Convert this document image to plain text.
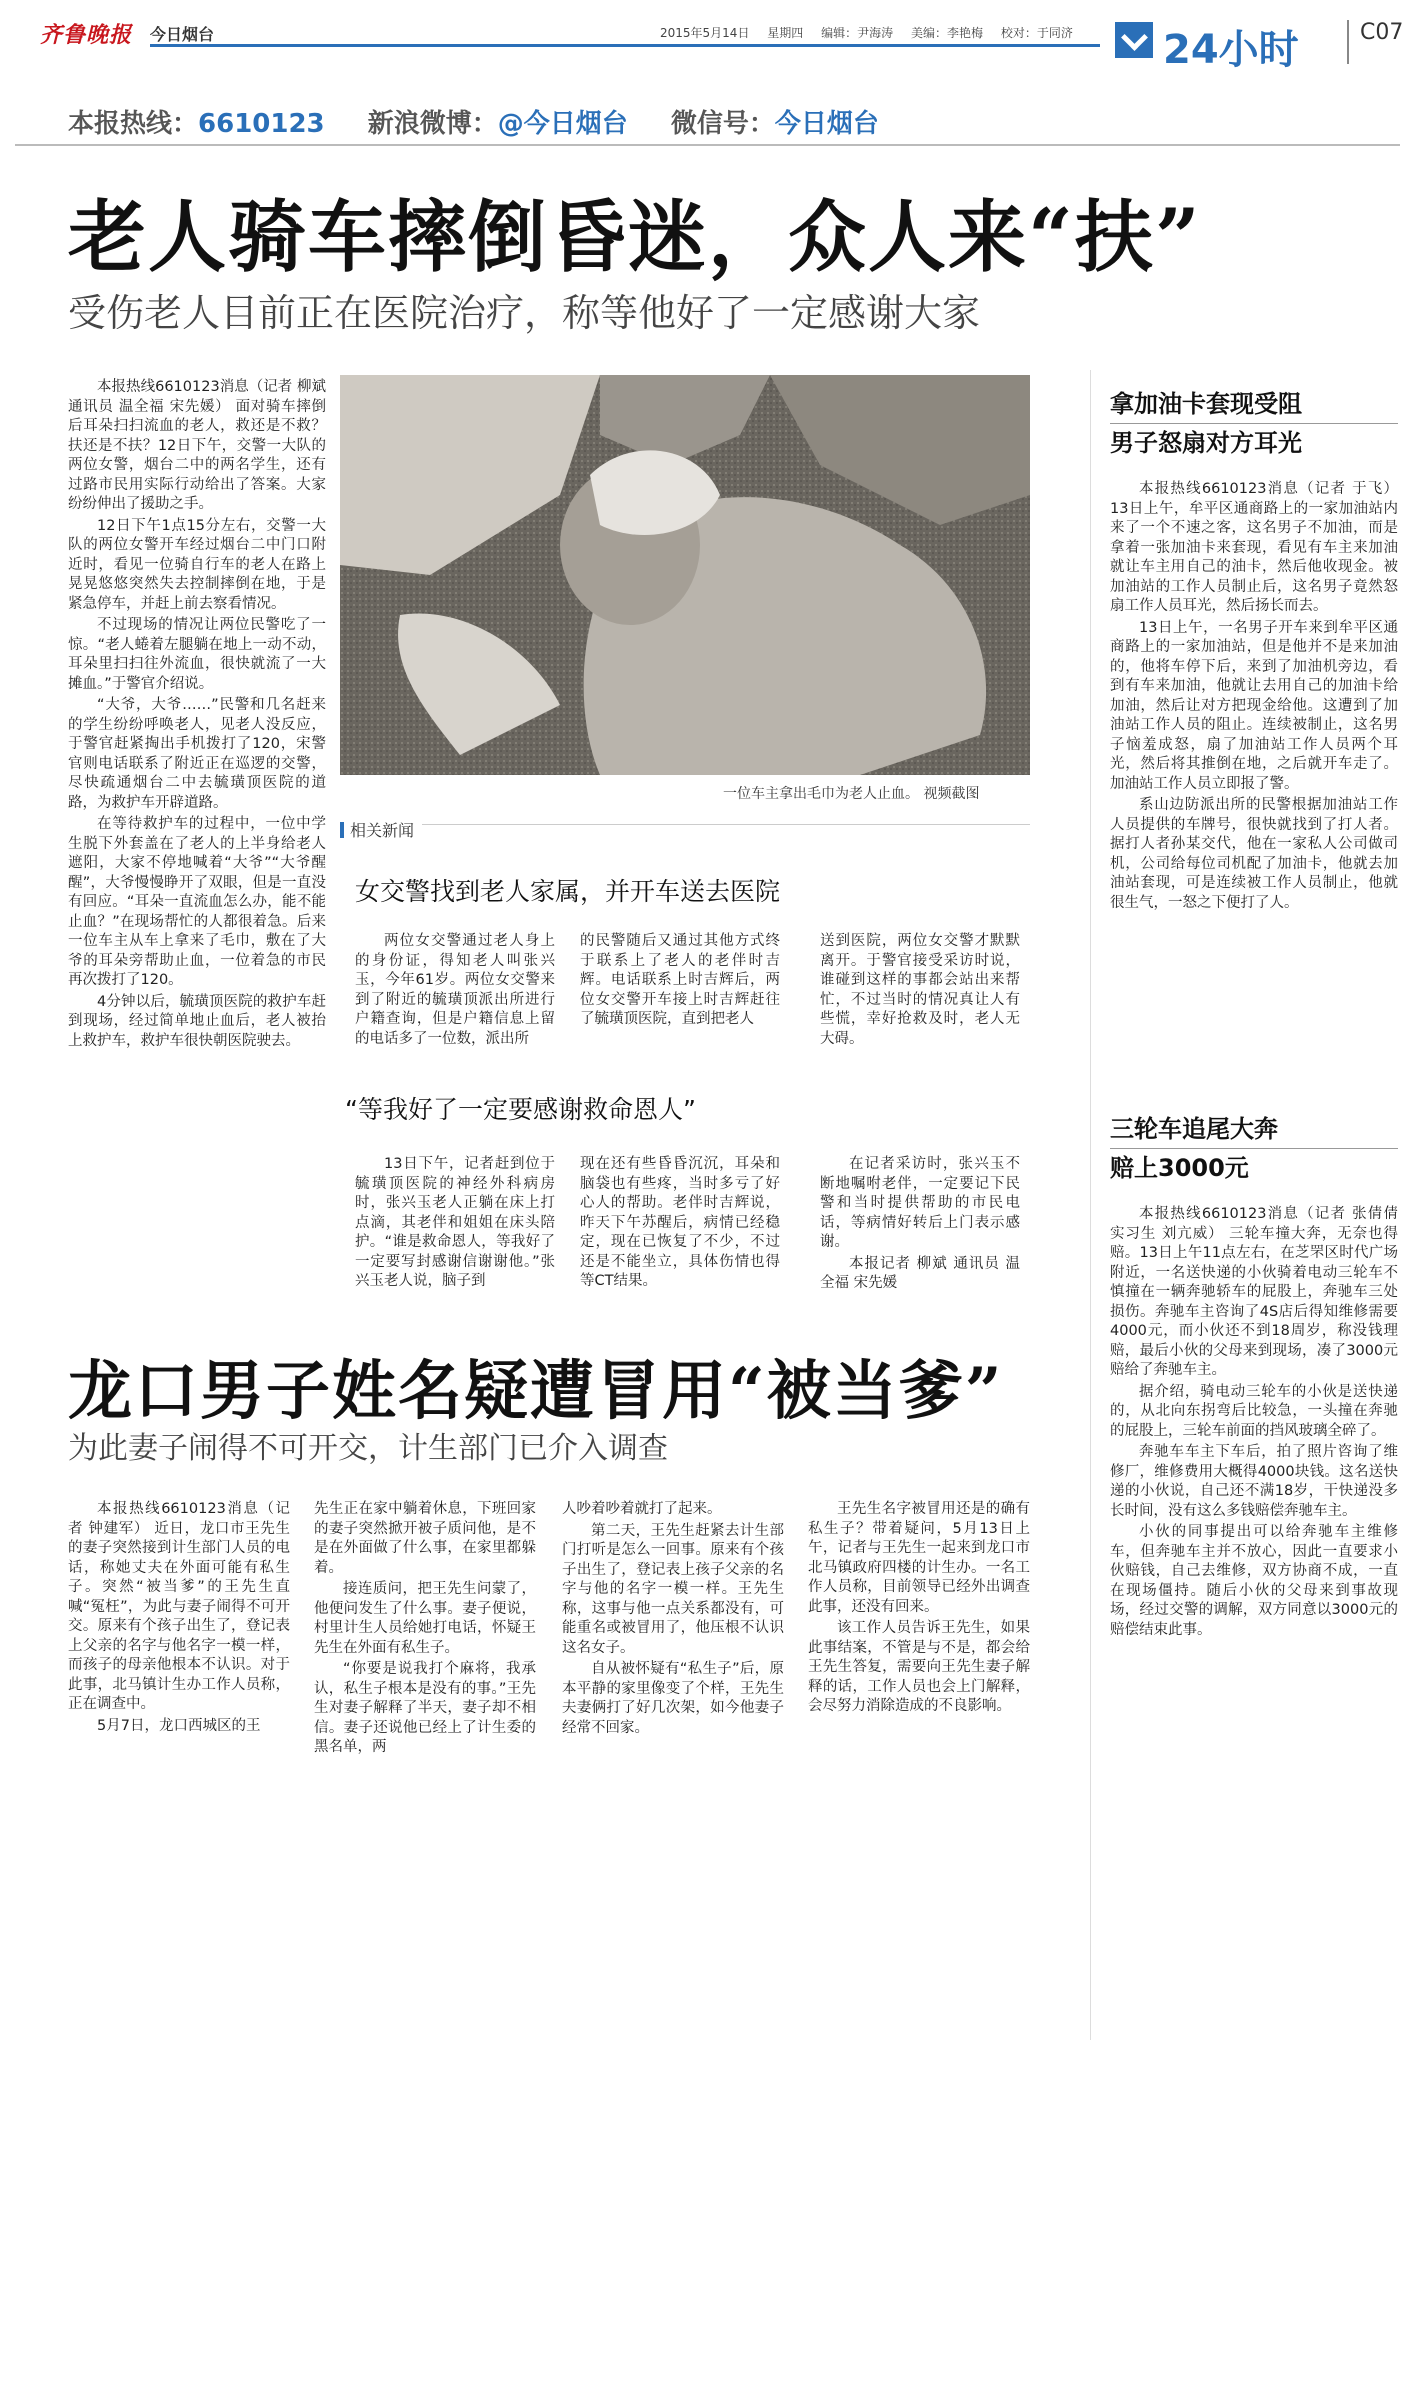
齐鲁晚报 今日烟台	2015年5月14日 星期四 编辑：尹海涛 美编：李艳梅 校对：于同济	24小时	C07
本报热线：6610123 新浪微博：@今日烟台 微信号：今日烟台
老人骑车摔倒昏迷，众人来“扶”
受伤老人目前正在医院治疗，称等他好了一定感谢大家

本报热线6610123消息（记者 柳斌 通讯员 温全福 宋先媛） 面对骑车摔倒后耳朵扫扫流血的老人，救还是不救？扶还是不扶？12日下午，交警一大队的两位女警，烟台二中的两名学生，还有过路市民用实际行动给出了答案。大家纷纷伸出了援助之手。

12日下午1点15分左右，交警一大队的两位女警开车经过烟台二中门口附近时，看见一位骑自行车的老人在路上晃晃悠悠突然失去控制摔倒在地，于是紧急停车，并赶上前去察看情况。

不过现场的情况让两位民警吃了一惊。“老人蜷着左腿躺在地上一动不动，耳朵里扫扫往外流血，很快就流了一大摊血。”于警官介绍说。

“大爷，大爷……”民警和几名赶来的学生纷纷呼唤老人，见老人没反应，于警官赶紧掏出手机拨打了120，宋警官则电话联系了附近正在巡逻的交警，尽快疏通烟台二中去毓璜顶医院的道路，为救护车开辟道路。

在等待救护车的过程中，一位中学生脱下外套盖在了老人的上半身给老人遮阳，大家不停地喊着“大爷”“大爷醒醒”，大爷慢慢睁开了双眼，但是一直没有回应。“耳朵一直流血怎么办，能不能止血？”在现场帮忙的人都很着急。后来一位车主从车上拿来了毛巾，敷在了大爷的耳朵旁帮助止血，一位着急的市民再次拨打了120。

4分钟以后，毓璜顶医院的救护车赶到现场，经过简单地止血后，老人被抬上救护车，救护车很快朝医院驶去。

一位车主拿出毛巾为老人止血。 视频截图
相关新闻
女交警找到老人家属，并开车送去医院

两位女交警通过老人身上的身份证，得知老人叫张兴玉，今年61岁。两位女交警来到了附近的毓璜顶派出所进行户籍查询，但是户籍信息上留的电话多了一位数，派出所

的民警随后又通过其他方式终于联系上了老人的老伴时吉辉。电话联系上时吉辉后，两位女交警开车接上时吉辉赶往了毓璜顶医院，直到把老人

送到医院，两位女交警才默默离开。于警官接受采访时说，谁碰到这样的事都会站出来帮忙，不过当时的情况真让人有些慌，幸好抢救及时，老人无大碍。

“等我好了一定要感谢救命恩人”

13日下午，记者赶到位于毓璜顶医院的神经外科病房时，张兴玉老人正躺在床上打点滴，其老伴和姐姐在床头陪护。“谁是救命恩人，等我好了一定要写封感谢信谢谢他。”张兴玉老人说，脑子到

现在还有些昏昏沉沉，耳朵和脑袋也有些疼，当时多亏了好心人的帮助。老伴时吉辉说，昨天下午苏醒后，病情已经稳定，现在已恢复了不少，不过还是不能坐立，具体伤情也得等CT结果。

在记者采访时，张兴玉不断地嘱咐老伴，一定要记下民警和当时提供帮助的市民电话，等病情好转后上门表示感谢。

本报记者 柳斌 通讯员 温全福 宋先媛

龙口男子姓名疑遭冒用“被当爹”
为此妻子闹得不可开交，计生部门已介入调查

本报热线6610123消息（记者 钟建军） 近日，龙口市王先生的妻子突然接到计生部门人员的电话，称她丈夫在外面可能有私生子。突然“被当爹”的王先生直喊“冤枉”，为此与妻子闹得不可开交。原来有个孩子出生了，登记表上父亲的名字与他名字一模一样，而孩子的母亲他根本不认识。对于此事，北马镇计生办工作人员称，正在调查中。

5月7日，龙口西城区的王

先生正在家中躺着休息，下班回家的妻子突然掀开被子质问他，是不是在外面做了什么事，在家里都躲着。

接连质问，把王先生问蒙了，他便问发生了什么事。妻子便说，村里计生人员给她打电话，怀疑王先生在外面有私生子。

“你要是说我打个麻将，我承认，私生子根本是没有的事。”王先生对妻子解释了半天，妻子却不相信。妻子还说他已经上了计生委的黑名单，两

人吵着吵着就打了起来。

第二天，王先生赶紧去计生部门打听是怎么一回事。原来有个孩子出生了，登记表上孩子父亲的名字与他的名字一模一样。王先生称，这事与他一点关系都没有，可能重名或被冒用了，他压根不认识这名女子。

自从被怀疑有“私生子”后，原本平静的家里像变了个样，王先生夫妻俩打了好几次架，如今他妻子经常不回家。

王先生名字被冒用还是的确有私生子？带着疑问，5月13日上午，记者与王先生一起来到龙口市北马镇政府四楼的计生办。一名工作人员称，目前领导已经外出调查此事，还没有回来。

该工作人员告诉王先生，如果此事结案，不管是与不是，都会给王先生答复，需要向王先生妻子解释的话，工作人员也会上门解释，会尽努力消除造成的不良影响。

拿加油卡套现受阻
男子怒扇对方耳光

本报热线6610123消息（记者 于飞） 13日上午，牟平区通商路上的一家加油站内来了一个不速之客，这名男子不加油，而是拿着一张加油卡来套现，看见有车主来加油就让车主用自己的油卡，然后他收现金。被加油站的工作人员制止后，这名男子竟然怒扇工作人员耳光，然后扬长而去。

13日上午，一名男子开车来到牟平区通商路上的一家加油站，但是他并不是来加油的，他将车停下后，来到了加油机旁边，看到有车来加油，他就让去用自己的加油卡给加油，然后让对方把现金给他。这遭到了加油站工作人员的阻止。连续被制止，这名男子恼羞成怒，扇了加油站工作人员两个耳光，然后将其推倒在地，之后就开车走了。加油站工作人员立即报了警。

系山边防派出所的民警根据加油站工作人员提供的车牌号，很快就找到了打人者。据打人者孙某交代，他在一家私人公司做司机，公司给每位司机配了加油卡，他就去加油站套现，可是连续被工作人员制止，他就很生气，一怒之下便打了人。

三轮车追尾大奔
赔上3000元

本报热线6610123消息（记者 张倩倩 实习生 刘亢威） 三轮车撞大奔，无奈也得赔。13日上午11点左右，在芝罘区时代广场附近，一名送快递的小伙骑着电动三轮车不慎撞在一辆奔驰轿车的屁股上，奔驰车三处损伤。奔驰车主咨询了4S店后得知维修需要4000元，而小伙还不到18周岁，称没钱理赔，最后小伙的父母来到现场，凑了3000元赔给了奔驰车主。

据介绍，骑电动三轮车的小伙是送快递的，从北向东拐弯后比较急，一头撞在奔驰的屁股上，三轮车前面的挡风玻璃全碎了。

奔驰车车主下车后，拍了照片咨询了维修厂，维修费用大概得4000块钱。这名送快递的小伙说，自己还不满18岁，干快递没多长时间，没有这么多钱赔偿奔驰车主。

小伙的同事提出可以给奔驰车主维修车，但奔驰车主并不放心，因此一直要求小伙赔钱，自己去维修，双方协商不成，一直在现场僵持。随后小伙的父母来到事故现场，经过交警的调解，双方同意以3000元的赔偿结束此事。
